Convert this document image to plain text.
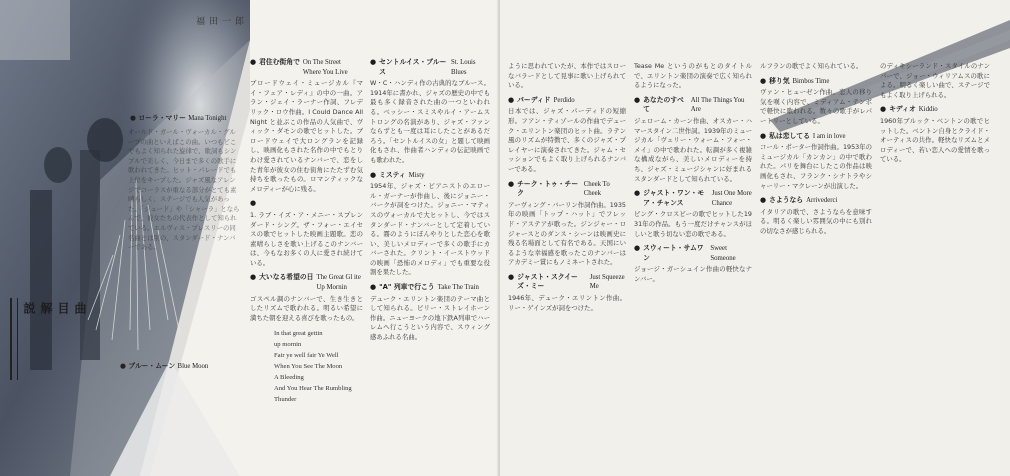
● ローラ・マリー Mana Tonight
オールド・ガール・ヴォーカル・グループの曲といえばこの曲。いつもどこでもよく知られた旋律で、歌詞もシンプルで美しく、今日まで多くの歌手に歌われてきた。ヒット・パレードでも上位をキープした。ジャズ風なアレンジでコーラスが重なる部分がとても素晴らしく、ステージでも人気があった。「ジュード」や「シャーラ」とならんで、彼女たちの代表作として知られている。エルヴィス・プレスリーの同名曲とは別の、スタンダード・ナンバーである。
福田一郎
曲目解説
● ブルー・ムーン Blue Moon
● 君住む街角で On The Street
Where You Live
ブロードウェイ・ミュージカル『マイ・フェア・レディ』の中の一曲。アラン・ジェイ・ラーナー作詞、フレデリック・ロウ作曲。I Could Dance All Night と並ぶこの作品の人気曲で、ヴィック・ダモンの歌でヒットした。ブロードウェイで大ロングランを記録し、映画化もされた名作の中でもとりわけ愛されているナンバーで、恋をした青年が彼女の住む街角にたたずむ気持ちを歌ったもの。ロマンティックなメロディーが心に残る。
●
1. ラブ・イズ・ア・メニー・スプレンダード・シング。ザ・フォー・エイセスの歌でヒットした映画主題歌。恋の素晴らしさを歌い上げるこのナンバーは、今もなお多くの人に愛され続けている。
● 大いなる希望の日 The Great Gl ite
Up Mornin
ゴスペル調のナンバーで、生き生きとしたリズムで歌われる。明るい希望に満ちた朝を迎える喜びを歌ったもの。
In that great gettin
up mornin
Fair ye well fair Ye Well
When You See The Moon
A Bleeding
And You Hear The Rumbling
Thunder
● セントルイス・ブルース
St. Louis Blues
W・C・ハンディ作の古典的なブルース。1914年に書かれ、ジャズの歴史の中でも最も多く録音された曲の一つといわれる。ベッシー・スミスやルイ・アームストロングの名演があり、ジャズ・ファンならずとも一度は耳にしたことがあるだろう。「セントルイスの女」と題して映画化もされ、作曲者ハンディの伝記映画でも歌われた。
● ミスティ Misty
1954年、ジャズ・ピアニストのエロール・ガーナーが作曲し、後にジョニー・バークが詞をつけた。ジョニー・マティスのヴォーカルで大ヒットし、今ではスタンダード・ナンバーとして定着している。霧のようにぼんやりとした恋心を歌い、美しいメロディーで多くの歌手にカバーされた。クリント・イーストウッドの映画「恐怖のメロディ」でも重要な役割を果たした。
● "A" 列車で行こう Take The Train
デューク・エリントン楽団のテーマ曲として知られる。ビリー・ストレイホーン作曲。ニューヨークの地下鉄A列車でハーレムへ行こうという内容で、スウィング感あふれる名曲。
ように思われていたが、本作ではスローなバラードとして見事に歌い上げられている。
● パーディド Perdido
日本では、ジャズ・パーディドの短縮形。フアン・ティゾールの作曲でデューク・エリントン楽団のヒット曲。ラテン風のリズムが特徴で、多くのジャズ・プレイヤーに演奏されてきた。ジャム・セッションでもよく取り上げられるナンバーである。
● チーク・トゥ・チーク
Cheek To Cheek
アーヴィング・バーリン作詞作曲。1935年の映画「トップ・ハット」でフレッド・アステアが歌った。ジンジャー・ロジャースとのダンス・シーンは映画史に残る名場面として有名である。天国にいるような幸福感を歌ったこのナンバーはアカデミー賞にもノミネートされた。
● ジャスト・スクイーズ・ミー
Just Squeeze Me
1946年、デューク・エリントン作曲。リー・ゲインズが詞をつけた。
Tease Me というのがもとのタイトルで、エリントン楽団の演奏で広く知られるようになった。
● あなたのすべて
All The Things You Are
ジェローム・カーン作曲、オスカー・ハマースタイン二世作詞。1939年のミュージカル「ヴェリー・ウォーム・フォー・メイ」の中で歌われた。転調が多く複雑な構成ながら、美しいメロディーを持ち、ジャズ・ミュージシャンに好まれるスタンダードとして知られている。
● ジャスト・ワン・モア・チャンス
Just One More Chance
ビング・クロスビーの歌でヒットした1931年の作品。もう一度だけチャンスがほしいと歌う切ない恋の歌である。
● スウィート・サムワン
Sweet Someone
ジョージ・ガーシュイン作曲の軽快なナンバー。
ルフランの歌でよく知られている。
● 移り気 Bimbos Time
ヴァン・ヒューゼン作曲。恋人の移り気を嘆く内容で、ミディアム・テンポで軽快に歌われる。数々の歌手がレパートリーとしている。
● 私は恋してる I am in love
コール・ポーター作詞作曲。1953年のミュージカル「カンカン」の中で歌われた。パリを舞台にしたこの作品は映画化もされ、フランク・シナトラやシャーリー・マクレーンが出演した。
● さようなら Arrivederci
イタリアの歌で、さようならを意味する。明るく楽しい雰囲気の中にも別れの切なさが感じられる。
のディキシーランド・スタイルのナンバーで、ジョー・ウィリアムスの歌による。明るく楽しい曲で、ステージでもよく取り上げられる。
● キディオ Kiddio
1960年ブルック・ベントンの歌でヒットした。ベントン自身とクライド・オーティスの共作。軽快なリズムとメロディーで、若い恋人への愛情を歌っている。
